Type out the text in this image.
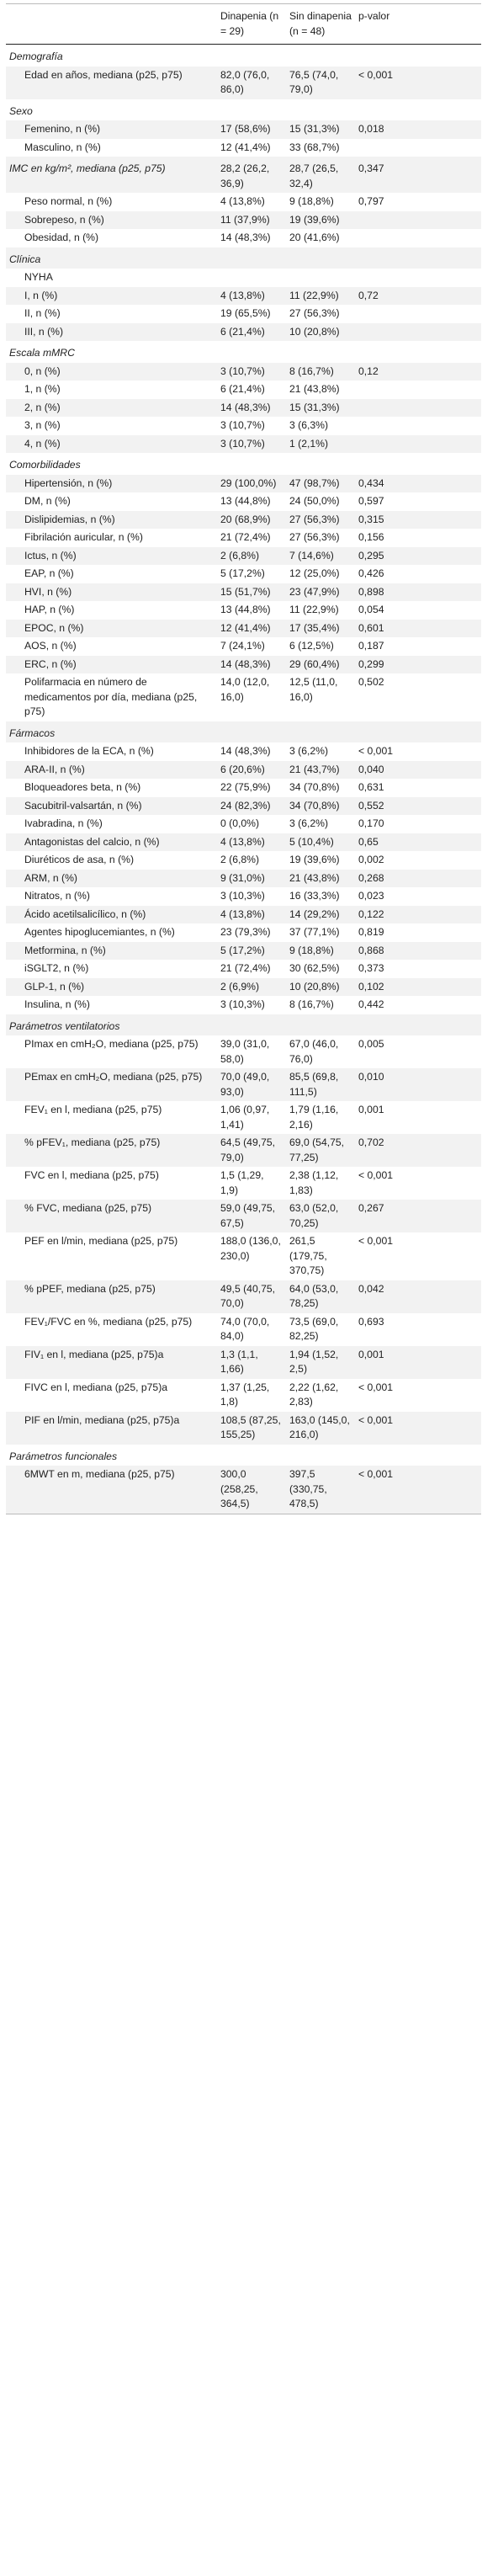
	Dinapenia (n = 29)	Sin dinapenia (n = 48)	p-valor
Demografía			

Edad en años, mediana (p25, p75)	82,0 (76,0, 86,0)	76,5 (74,0, 79,0)	< 0,001
Sexo			
Femenino, n (%)	17 (58,6%)	15 (31,3%)	0,018
Masculino, n (%)	12 (41,4%)	33 (68,7%)	
IMC en kg/m², mediana (p25, p75)	28,2 (26,2, 36,9)	28,7 (26,5, 32,4)	0,347
Peso normal, n (%)	4 (13,8%)	9 (18,8%)	0,797
Sobrepeso, n (%)	11 (37,9%)	19 (39,6%)	
Obesidad, n (%)	14 (48,3%)	20 (41,6%)	
Clínica			
NYHA			
I, n (%)	4 (13,8%)	11 (22,9%)	0,72
II, n (%)	19 (65,5%)	27 (56,3%)	
III, n (%)	6 (21,4%)	10 (20,8%)	
Escala mMRC			
0, n (%)	3 (10,7%)	8 (16,7%)	0,12
1, n (%)	6 (21,4%)	21 (43,8%)	
2, n (%)	14 (48,3%)	15 (31,3%)	
3, n (%)	3 (10,7%)	3 (6,3%)	
4, n (%)	3 (10,7%)	1 (2,1%)	
Comorbilidades			
Hipertensión, n (%)	29 (100,0%)	47 (98,7%)	0,434
DM, n (%)	13 (44,8%)	24 (50,0%)	0,597
Dislipidemias, n (%)	20 (68,9%)	27 (56,3%)	0,315

Fibrilación auricular, n (%)	21 (72,4%)	27 (56,3%)	0,156
Ictus, n (%)	2 (6,8%)	7 (14,6%)	0,295
EAP, n (%)	5 (17,2%)	12 (25,0%)	0,426
HVI, n (%)	15 (51,7%)	23 (47,9%)	0,898
HAP, n (%)	13 (44,8%)	11 (22,9%)	0,054
EPOC, n (%)	12 (41,4%)	17 (35,4%)	0,601
AOS, n (%)	7 (24,1%)	6 (12,5%)	0,187
ERC, n (%)	14 (48,3%)	29 (60,4%)	0,299
Polifarmacia en número de medicamentos por día, mediana (p25, p75)	14,0 (12,0, 16,0)	12,5 (11,0, 16,0)	0,502
Fármacos			

Inhibidores de la ECA, n (%)	14 (48,3%)	3 (6,2%)	< 0,001
ARA-II, n (%)	6 (20,6%)	21 (43,7%)	0,040
Bloqueadores beta, n (%)	22 (75,9%)	34 (70,8%)	0,631

Sacubitril-valsartán, n (%)	24 (82,3%)	34 (70,8%)	0,552
Ivabradina, n (%)	0 (0,0%)	3 (6,2%)	0,170

Antagonistas del calcio, n (%)	4 (13,8%)	5 (10,4%)	0,65
Diuréticos de asa, n (%)	2 (6,8%)	19 (39,6%)	0,002
ARM, n (%)	9 (31,0%)	21 (43,8%)	0,268
Nitratos, n (%)	3 (10,3%)	16 (33,3%)	0,023

Ácido acetilsalicílico, n (%)	4 (13,8%)	14 (29,2%)	0,122
Agentes hipoglucemiantes, n (%)	23 (79,3%)	37 (77,1%)	0,819
Metformina, n (%)	5 (17,2%)	9 (18,8%)	0,868
iSGLT2, n (%)	21 (72,4%)	30 (62,5%)	0,373
GLP-1, n (%)	2 (6,9%)	10 (20,8%)	0,102
Insulina, n (%)	3 (10,3%)	8 (16,7%)	0,442
Parámetros ventilatorios			
PImax en cmH₂O, mediana (p25, p75)	39,0 (31,0, 58,0)	67,0 (46,0, 76,0)	0,005
PEmax en cmH₂O, mediana (p25, p75)	70,0 (49,0, 93,0)	85,5 (69,8, 111,5)	0,010

FEV₁ en l, mediana (p25, p75)	1,06 (0,97, 1,41)	1,79 (1,16, 2,16)	0,001

% pFEV₁, mediana (p25, p75)	64,5 (49,75, 79,0)	69,0 (54,75, 77,25)	0,702

FVC en l, mediana (p25, p75)	1,5 (1,29, 1,9)	2,38 (1,12, 1,83)	< 0,001

% FVC, mediana (p25, p75)	59,0 (49,75, 67,5)	63,0 (52,0, 70,25)	0,267

PEF en l/min, mediana (p25, p75)	188,0 (136,0, 230,0)	261,5 (179,75, 370,75)	< 0,001

% pPEF, mediana (p25, p75)	49,5 (40,75, 70,0)	64,0 (53,0, 78,25)	0,042

FEV₁/FVC en %, mediana (p25, p75)	74,0 (70,0, 84,0)	73,5 (69,0, 82,25)	0,693

FIV₁ en l, mediana (p25, p75)a	1,3 (1,1, 1,66)	1,94 (1,52, 2,5)	0,001

FIVC en l, mediana (p25, p75)a	1,37 (1,25, 1,8)	2,22 (1,62, 2,83)	< 0,001

PIF en l/min, mediana (p25, p75)a	108,5 (87,25, 155,25)	163,0 (145,0, 216,0)	< 0,001
Parámetros funcionales			

6MWT en m, mediana (p25, p75)	300,0 (258,25, 364,5)	397,5 (330,75, 478,5)	< 0,001
